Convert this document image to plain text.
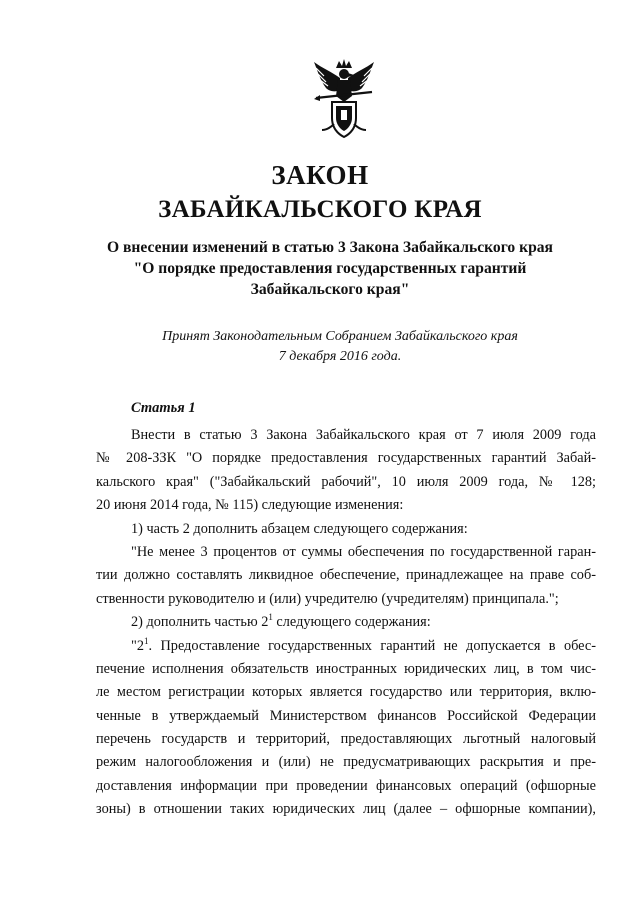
ЗАКОН
ЗАБАЙКАЛЬСКОГО КРАЯ
О внесении изменений в статью 3 Закона Забайкальского края
"О порядке предоставления государственных гарантий
Забайкальского края"
Принят Законодательным Собранием Забайкальского края
7 декабря 2016 года.
Статья 1
Внести в статью 3 Закона Забайкальского края от 7 июля 2009 года
№ 208-ЗЗК "О порядке предоставления государственных гарантий Забай-
кальского края" ("Забайкальский рабочий", 10 июля 2009 года, № 128;
20 июня 2014 года, № 115) следующие изменения:
1) часть 2 дополнить абзацем следующего содержания:
"Не менее 3 процентов от суммы обеспечения по государственной гаран-
тии должно составлять ликвидное обеспечение, принадлежащее на праве соб-
ственности руководителю и (или) учредителю (учредителям) принципала.";
2) дополнить частью $2^1$ следующего содержания:
"$2^1$. Предоставление государственных гарантий не допускается в обес-
печение исполнения обязательств иностранных юридических лиц, в том чис-
ле местом регистрации которых является государство или территория, вклю-
ченные в утверждаемый Министерством финансов Российской Федерации
перечень государств и территорий, предоставляющих льготный налоговый
режим налогообложения и (или) не предусматривающих раскрытия и пре-
доставления информации при проведении финансовых операций (офшорные
зоны) в отношении таких юридических лиц (далее – офшорные компании),
